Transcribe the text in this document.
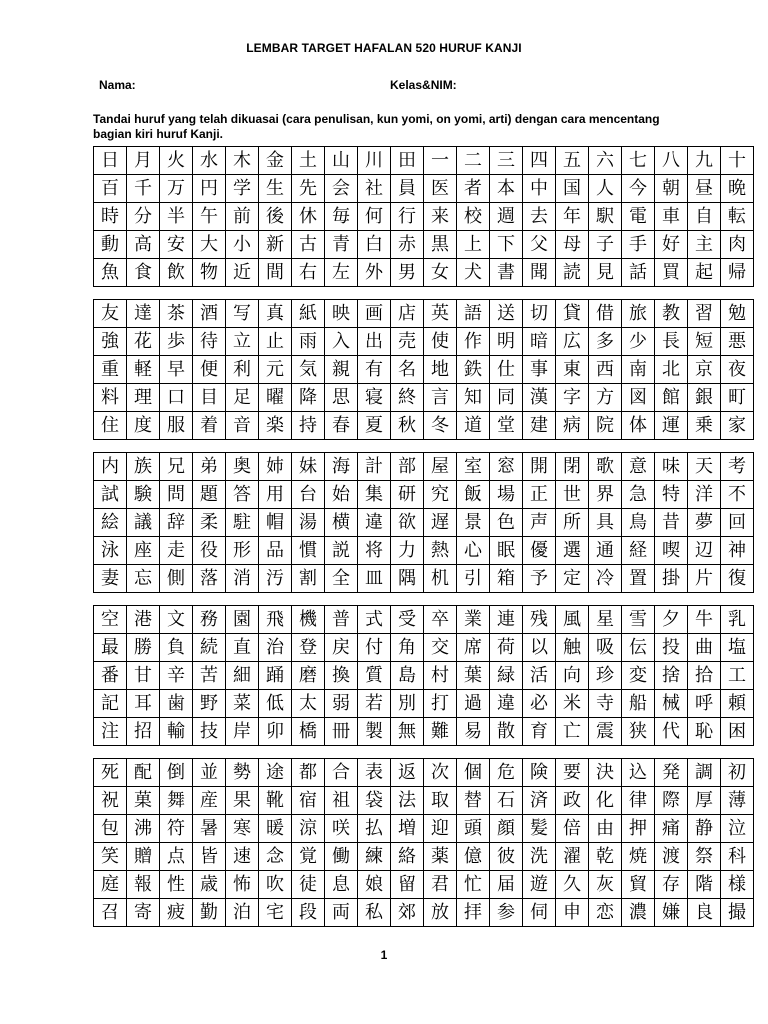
LEMBAR TARGET HAFALAN 520 HURUF KANJI
Nama:	Kelas&NIM:
Tandai huruf yang telah dikuasai (cara penulisan, kun yomi, on yomi, arti) dengan cara mencentang bagian kiri huruf Kanji.
日	月	火	水	木	金	土	山	川	田	一	二	三	四	五	六	七	八	九	十
百	千	万	円	学	生	先	会	社	員	医	者	本	中	国	人	今	朝	昼	晩
時	分	半	午	前	後	休	毎	何	行	来	校	週	去	年	駅	電	車	自	転
動	高	安	大	小	新	古	青	白	赤	黒	上	下	父	母	子	手	好	主	肉
魚	食	飲	物	近	間	右	左	外	男	女	犬	書	聞	読	見	話	買	起	帰
友	達	茶	酒	写	真	紙	映	画	店	英	語	送	切	貸	借	旅	教	習	勉
強	花	歩	待	立	止	雨	入	出	売	使	作	明	暗	広	多	少	長	短	悪
重	軽	早	便	利	元	気	親	有	名	地	鉄	仕	事	東	西	南	北	京	夜
料	理	口	目	足	曜	降	思	寝	終	言	知	同	漢	字	方	図	館	銀	町
住	度	服	着	音	楽	持	春	夏	秋	冬	道	堂	建	病	院	体	運	乗	家
内	族	兄	弟	奥	姉	妹	海	計	部	屋	室	窓	開	閉	歌	意	味	天	考
試	験	問	題	答	用	台	始	集	研	究	飯	場	正	世	界	急	特	洋	不
絵	議	辞	柔	駐	帽	湯	横	違	欲	遅	景	色	声	所	具	鳥	昔	夢	回
泳	座	走	役	形	品	慣	説	将	力	熱	心	眠	優	選	通	経	喫	辺	神
妻	忘	側	落	消	汚	割	全	皿	隅	机	引	箱	予	定	冷	置	掛	片	復
空	港	文	務	園	飛	機	普	式	受	卒	業	連	残	風	星	雪	夕	牛	乳
最	勝	負	続	直	治	登	戻	付	角	交	席	荷	以	触	吸	伝	投	曲	塩
番	甘	辛	苦	細	踊	磨	換	質	島	村	葉	緑	活	向	珍	変	捨	拾	工
記	耳	歯	野	菜	低	太	弱	若	別	打	過	違	必	米	寺	船	械	呼	頼
注	招	輸	技	岸	卯	橋	冊	製	無	難	易	散	育	亡	震	狭	代	恥	困
死	配	倒	並	勢	途	都	合	表	返	次	個	危	険	要	決	込	発	調	初
祝	菓	舞	産	果	靴	宿	祖	袋	法	取	替	石	済	政	化	律	際	厚	薄
包	沸	符	暑	寒	暖	涼	咲	払	増	迎	頭	顔	髪	倍	由	押	痛	静	泣
笑	贈	点	皆	速	念	覚	働	練	絡	薬	億	彼	洗	濯	乾	焼	渡	祭	科
庭	報	性	歳	怖	吹	徒	息	娘	留	君	忙	届	遊	久	灰	貿	存	階	様
召	寄	疲	勤	泊	宅	段	両	私	郊	放	拝	参	伺	申	恋	濃	嫌	良	撮
1
